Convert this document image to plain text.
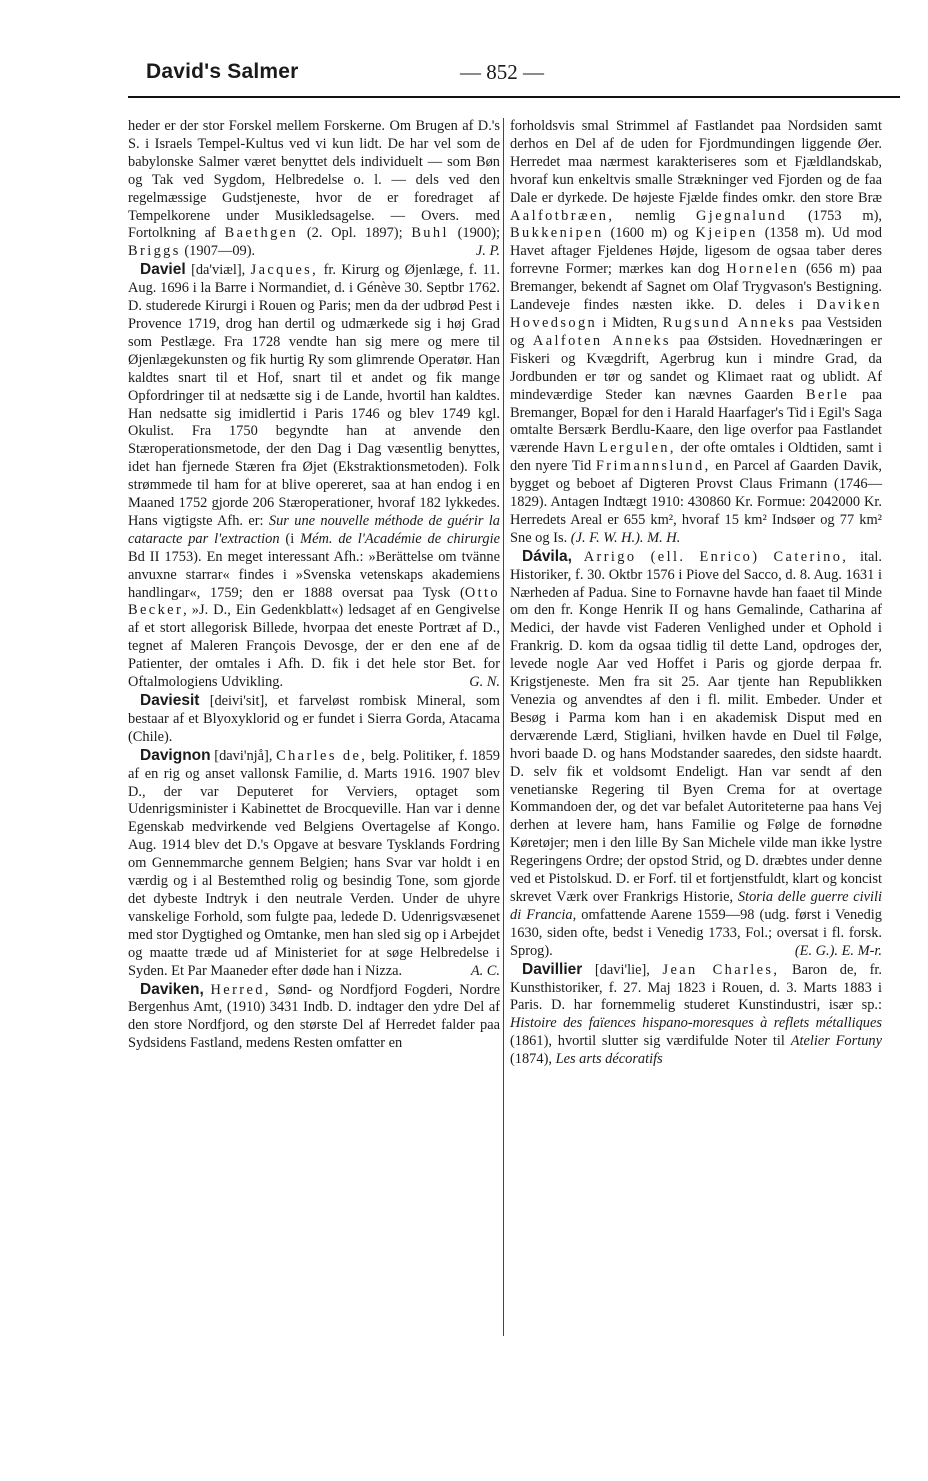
David's Salmer	— 852 —

heder er der stor Forskel mellem Forskerne. Om Brugen af D.'s S. i Israels Tempel-Kultus ved vi kun lidt. De har vel som de babylonske Salmer været benyttet dels individuelt — som Bøn og Tak ved Sygdom, Helbredelse o. l. — dels ved den regelmæssige Gudstjeneste, hvor de er foredraget af Tempelkorene under Musikledsagelse. — Overs. med Fortolkning af Baethgen (2. Opl. 1897); Buhl (1900); Briggs (1907—09).	J. P.

Daviel [da'viæl], Jacques, fr. Kirurg og Øjenlæge, f. 11. Aug. 1696 i la Barre i Normandiet, d. i Génève 30. Septbr 1762. D. studerede Kirurgi i Rouen og Paris; men da der udbrød Pest i Provence 1719, drog han dertil og udmærkede sig i høj Grad som Pestlæge. Fra 1728 vendte han sig mere og mere til Øjenlægekunsten og fik hurtig Ry som glimrende Operatør. Han kaldtes snart til et Hof, snart til et andet og fik mange Opfordringer til at nedsætte sig i de Lande, hvortil han kaldtes. Han nedsatte sig imidlertid i Paris 1746 og blev 1749 kgl. Okulist. Fra 1750 begyndte han at anvende den Stæroperationsmetode, der den Dag i Dag væsentlig benyttes, idet han fjernede Stæren fra Øjet (Ekstraktionsmetoden). Folk strømmede til ham for at blive opereret, saa at han endog i en Maaned 1752 gjorde 206 Stæroperationer, hvoraf 182 lykkedes. Hans vigtigste Afh. er: Sur une nouvelle méthode de guérir la cataracte par l'extraction (i Mém. de l'Académie de chirurgie Bd II 1753). En meget interessant Afh.: »Berättelse om tvänne anvuxne starrar« findes i »Svenska vetenskaps akademiens handlingar«, 1759; den er 1888 oversat paa Tysk (Otto Becker, »J. D., Ein Gedenkblatt«) ledsaget af en Gengivelse af et stort allegorisk Billede, hvorpaa det eneste Portræt af D., tegnet af Maleren François Devosge, der er den ene af de Patienter, der omtales i Afh. D. fik i det hele stor Bet. for Oftalmologiens Udvikling.	G. N.

Daviesit [deivi'sit], et farveløst rombisk Mineral, som bestaar af et Blyoxyklorid og er fundet i Sierra Gorda, Atacama (Chile).

Davignon [davi'njå], Charles de, belg. Politiker, f. 1859 af en rig og anset vallonsk Familie, d. Marts 1916. 1907 blev D., der var Deputeret for Verviers, optaget som Udenrigsminister i Kabinettet de Brocqueville. Han var i denne Egenskab medvirkende ved Belgiens Overtagelse af Kongo. Aug. 1914 blev det D.'s Opgave at besvare Tysklands Fordring om Gennemmarche gennem Belgien; hans Svar var holdt i en værdig og i al Bestemthed rolig og besindig Tone, som gjorde det dybeste Indtryk i den neutrale Verden. Under de uhyre vanskelige Forhold, som fulgte paa, ledede D. Udenrigsvæsenet med stor Dygtighed og Omtanke, men han sled sig op i Arbejdet og maatte træde ud af Ministeriet for at søge Helbredelse i Syden. Et Par Maaneder efter døde han i Nizza.	A. C.

Daviken, Herred, Sønd- og Nordfjord Fogderi, Nordre Bergenhus Amt, (1910) 3431 Indb. D. indtager den ydre Del af den store Nordfjord, og den største Del af Herredet falder paa Sydsidens Fastland, medens Resten omfatter en

forholdsvis smal Strimmel af Fastlandet paa Nordsiden samt derhos en Del af de uden for Fjordmundingen liggende Øer. Herredet maa nærmest karakteriseres som et Fjældlandskab, hvoraf kun enkeltvis smalle Strækninger ved Fjorden og de faa Dale er dyrkede. De højeste Fjælde findes omkr. den store Bræ Aalfotbræen, nemlig Gjegnalund (1753 m), Bukkenipen (1600 m) og Kjeipen (1358 m). Ud mod Havet aftager Fjeldenes Højde, ligesom de ogsaa taber deres forrevne Former; mærkes kan dog Hornelen (656 m) paa Bremanger, bekendt af Sagnet om Olaf Trygvason's Bestigning. Landeveje findes næsten ikke. D. deles i Daviken Hovedsogn i Midten, Rugsund Anneks paa Vestsiden og Aalfoten Anneks paa Østsiden. Hovednæringen er Fiskeri og Kvægdrift, Agerbrug kun i mindre Grad, da Jordbunden er tør og sandet og Klimaet raat og ublidt. Af mindeværdige Steder kan nævnes Gaarden Berle paa Bremanger, Bopæl for den i Harald Haarfager's Tid i Egil's Saga omtalte Bersærk Berdlu-Kaare, den lige overfor paa Fastlandet værende Havn Lergulen, der ofte omtales i Oldtiden, samt i den nyere Tid Frimannslund, en Parcel af Gaarden Davik, bygget og beboet af Digteren Provst Claus Frimann (1746—1829). Antagen Indtægt 1910: 430860 Kr. Formue: 2042000 Kr. Herredets Areal er 655 km², hvoraf 15 km² Indsøer og 77 km² Sne og Is. (J. F. W. H.). M. H.

Dávila, Arrigo (ell. Enrico) Caterino, ital. Historiker, f. 30. Oktbr 1576 i Piove del Sacco, d. 8. Aug. 1631 i Nærheden af Padua. Sine to Fornavne havde han faaet til Minde om den fr. Konge Henrik II og hans Gemalinde, Catharina af Medici, der havde vist Faderen Venlighed under et Ophold i Frankrig. D. kom da ogsaa tidlig til dette Land, opdroges der, levede nogle Aar ved Hoffet i Paris og gjorde derpaa fr. Krigstjeneste. Men fra sit 25. Aar tjente han Republikken Venezia og anvendtes af den i fl. milit. Embeder. Under et Besøg i Parma kom han i en akademisk Disput med en derværende Lærd, Stigliani, hvilken havde en Duel til Følge, hvori baade D. og hans Modstander saaredes, den sidste haardt. D. selv fik et voldsomt Endeligt. Han var sendt af den venetianske Regering til Byen Crema for at overtage Kommandoen der, og det var befalet Autoriteterne paa hans Vej derhen at levere ham, hans Familie og Følge de fornødne Køretøjer; men i den lille By San Michele vilde man ikke lystre Regeringens Ordre; der opstod Strid, og D. dræbtes under denne ved et Pistolskud. D. er Forf. til et fortjenstfuldt, klart og koncist skrevet Værk over Frankrigs Historie, Storia delle guerre civili di Francia, omfattende Aarene 1559—98 (udg. først i Venedig 1630, siden ofte, bedst i Venedig 1733, Fol.; oversat i fl. forsk. Sprog).	(E. G.). E. M-r.

Davillier [davi'lie], Jean Charles, Baron de, fr. Kunsthistoriker, f. 27. Maj 1823 i Rouen, d. 3. Marts 1883 i Paris. D. har fornemmelig studeret Kunstindustri, især sp.: Histoire des faïences hispano-moresques à reflets métalliques (1861), hvortil slutter sig værdifulde Noter til Atelier Fortuny (1874), Les arts décoratifs
